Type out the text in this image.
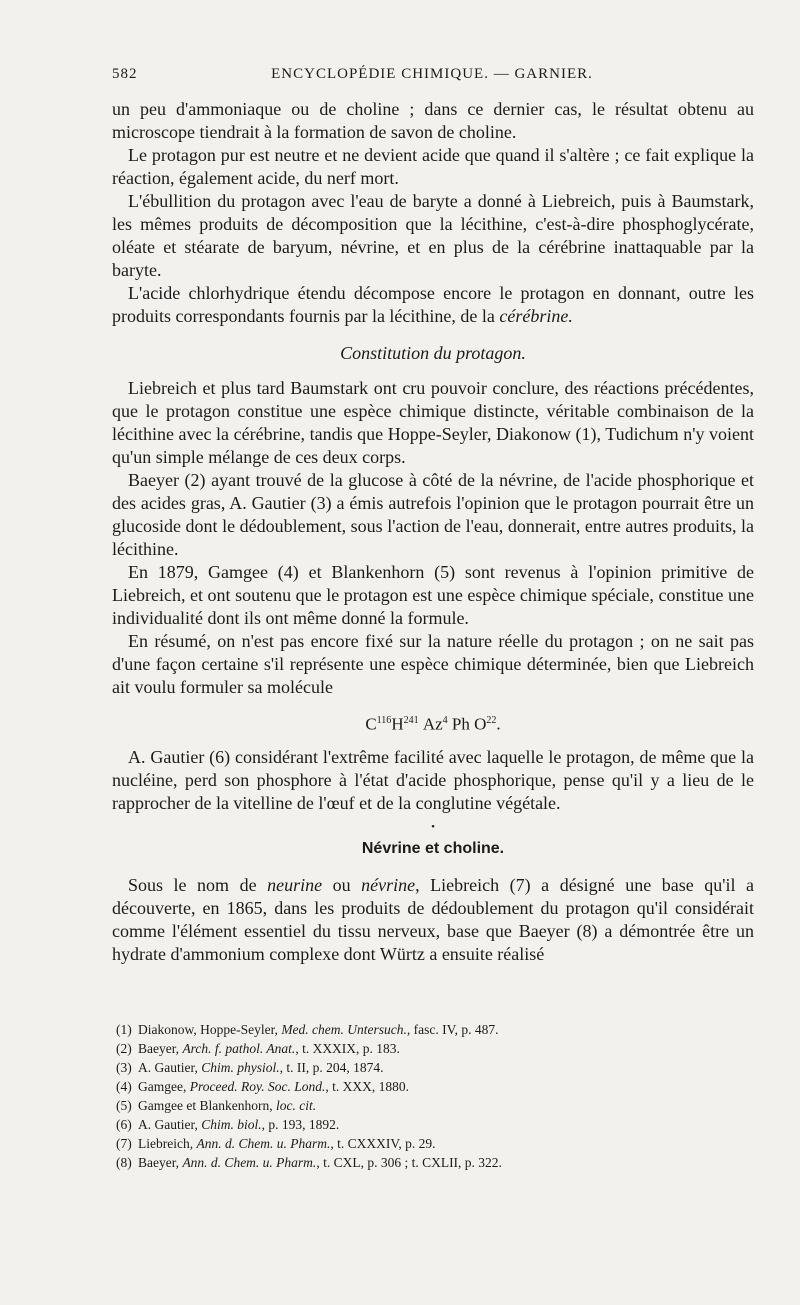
582	ENCYCLOPÉDIE CHIMIQUE. — GARNIER.

un peu d'ammoniaque ou de choline ; dans ce dernier cas, le résultat obtenu au microscope tiendrait à la formation de savon de choline.

Le protagon pur est neutre et ne devient acide que quand il s'altère ; ce fait explique la réaction, également acide, du nerf mort.

L'ébullition du protagon avec l'eau de baryte a donné à Liebreich, puis à Baumstark, les mêmes produits de décomposition que la lécithine, c'est-à-dire phosphoglycérate, oléate et stéarate de baryum, névrine, et en plus de la cérébrine inattaquable par la baryte.

L'acide chlorhydrique étendu décompose encore le protagon en donnant, outre les produits correspondants fournis par la lécithine, de la cérébrine.

Constitution du protagon.

Liebreich et plus tard Baumstark ont cru pouvoir conclure, des réactions précédentes, que le protagon constitue une espèce chimique distincte, véritable combinaison de la lécithine avec la cérébrine, tandis que Hoppe-Seyler, Diakonow (1), Tudichum n'y voient qu'un simple mélange de ces deux corps.

Baeyer (2) ayant trouvé de la glucose à côté de la névrine, de l'acide phosphorique et des acides gras, A. Gautier (3) a émis autrefois l'opinion que le protagon pourrait être un glucoside dont le dédoublement, sous l'action de l'eau, donnerait, entre autres produits, la lécithine.

En 1879, Gamgee (4) et Blankenhorn (5) sont revenus à l'opinion primitive de Liebreich, et ont soutenu que le protagon est une espèce chimique spéciale, constitue une individualité dont ils ont même donné la formule.

En résumé, on n'est pas encore fixé sur la nature réelle du protagon ; on ne sait pas d'une façon certaine s'il représente une espèce chimique déterminée, bien que Liebreich ait voulu formuler sa molécule

$C^{116}H^{241}$ Az$^4$ Ph $O^{22}$.

A. Gautier (6) considérant l'extrême facilité avec laquelle le protagon, de même que la nucléine, perd son phosphore à l'état d'acide phosphorique, pense qu'il y a lieu de le rapprocher de la vitelline de l'œuf et de la conglutine végétale.

•
Névrine et choline.

Sous le nom de neurine ou névrine, Liebreich (7) a désigné une base qu'il a découverte, en 1865, dans les produits de dédoublement du protagon qu'il considérait comme l'élément essentiel du tissu nerveux, base que Baeyer (8) a démontrée être un hydrate d'ammonium complexe dont Würtz a ensuite réalisé

(1) Diakonow, Hoppe-Seyler, Med. chem. Untersuch., fasc. IV, p. 487.
(2) Baeyer, Arch. f. pathol. Anat., t. XXXIX, p. 183.
(3) A. Gautier, Chim. physiol., t. II, p. 204, 1874.
(4) Gamgee, Proceed. Roy. Soc. Lond., t. XXX, 1880.
(5) Gamgee et Blankenhorn, loc. cit.
(6) A. Gautier, Chim. biol., p. 193, 1892.
(7) Liebreich, Ann. d. Chem. u. Pharm., t. CXXXIV, p. 29.
(8) Baeyer, Ann. d. Chem. u. Pharm., t. CXL, p. 306 ; t. CXLII, p. 322.
